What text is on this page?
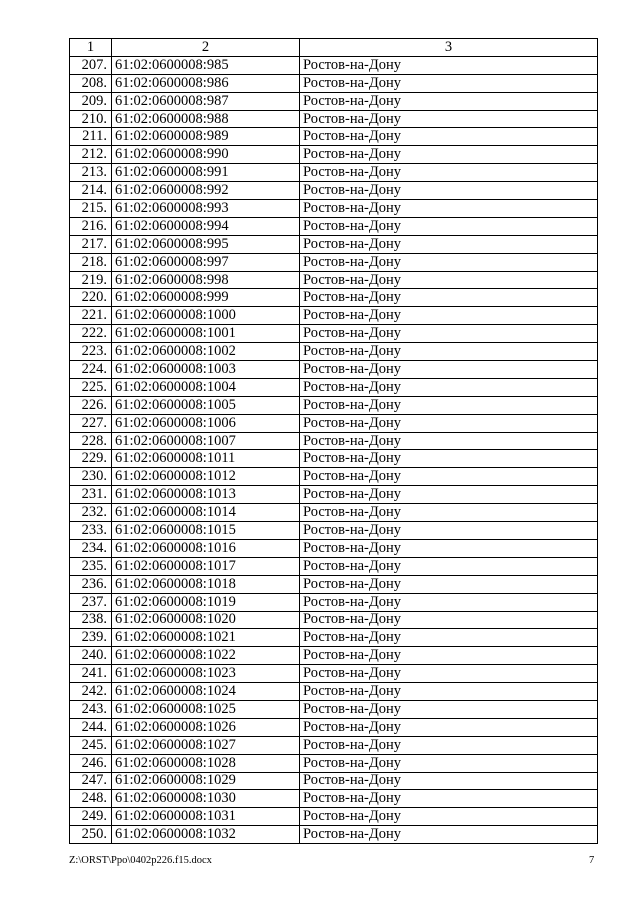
1	2	3
207.	61:02:0600008:985	Ростов-на-Дону
208.	61:02:0600008:986	Ростов-на-Дону
209.	61:02:0600008:987	Ростов-на-Дону
210.	61:02:0600008:988	Ростов-на-Дону
211.	61:02:0600008:989	Ростов-на-Дону
212.	61:02:0600008:990	Ростов-на-Дону
213.	61:02:0600008:991	Ростов-на-Дону
214.	61:02:0600008:992	Ростов-на-Дону
215.	61:02:0600008:993	Ростов-на-Дону
216.	61:02:0600008:994	Ростов-на-Дону
217.	61:02:0600008:995	Ростов-на-Дону
218.	61:02:0600008:997	Ростов-на-Дону
219.	61:02:0600008:998	Ростов-на-Дону
220.	61:02:0600008:999	Ростов-на-Дону
221.	61:02:0600008:1000	Ростов-на-Дону
222.	61:02:0600008:1001	Ростов-на-Дону
223.	61:02:0600008:1002	Ростов-на-Дону
224.	61:02:0600008:1003	Ростов-на-Дону
225.	61:02:0600008:1004	Ростов-на-Дону
226.	61:02:0600008:1005	Ростов-на-Дону
227.	61:02:0600008:1006	Ростов-на-Дону
228.	61:02:0600008:1007	Ростов-на-Дону
229.	61:02:0600008:1011	Ростов-на-Дону
230.	61:02:0600008:1012	Ростов-на-Дону
231.	61:02:0600008:1013	Ростов-на-Дону
232.	61:02:0600008:1014	Ростов-на-Дону
233.	61:02:0600008:1015	Ростов-на-Дону
234.	61:02:0600008:1016	Ростов-на-Дону
235.	61:02:0600008:1017	Ростов-на-Дону
236.	61:02:0600008:1018	Ростов-на-Дону
237.	61:02:0600008:1019	Ростов-на-Дону
238.	61:02:0600008:1020	Ростов-на-Дону
239.	61:02:0600008:1021	Ростов-на-Дону
240.	61:02:0600008:1022	Ростов-на-Дону
241.	61:02:0600008:1023	Ростов-на-Дону
242.	61:02:0600008:1024	Ростов-на-Дону
243.	61:02:0600008:1025	Ростов-на-Дону
244.	61:02:0600008:1026	Ростов-на-Дону
245.	61:02:0600008:1027	Ростов-на-Дону
246.	61:02:0600008:1028	Ростов-на-Дону
247.	61:02:0600008:1029	Ростов-на-Дону
248.	61:02:0600008:1030	Ростов-на-Дону
249.	61:02:0600008:1031	Ростов-на-Дону
250.	61:02:0600008:1032	Ростов-на-Дону
Z:\ORST\Ppo\0402p226.f15.docx	7
